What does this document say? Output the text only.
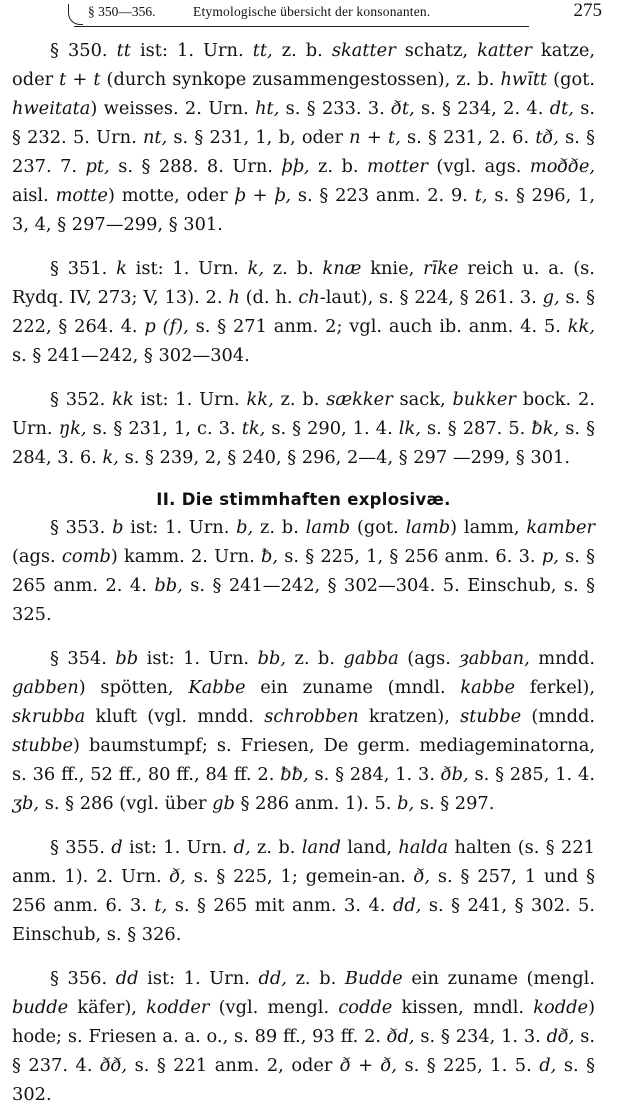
§ 350—356.	Etymologische übersicht der konsonanten.	275

§ 350. tt ist: 1. Urn. tt, z. b. skatter schatz, katter katze, oder t + t (durch synkope zusammengestossen), z. b. hwītt (got. hweitata) weisses. 2. Urn. ht, s. § 233. 3. ðt, s. § 234, 2. 4. dt, s. § 232. 5. Urn. nt, s. § 231, 1, b, oder n + t, s. § 231, 2. 6. tð, s. § 237. 7. pt, s. § 288. 8. Urn. þþ, z. b. motter (vgl. ags. moððe, aisl. motte) motte, oder þ + þ, s. § 223 anm. 2. 9. t, s. § 296, 1, 3, 4, § 297—299, § 301.

§ 351. k ist: 1. Urn. k, z. b. knæ knie, rīke reich u. a. (s. Rydq. IV, 273; V, 13). 2. h (d. h. ch-laut), s. § 224, § 261. 3. g, s. § 222, § 264. 4. p (f), s. § 271 anm. 2; vgl. auch ib. anm. 4. 5. kk, s. § 241—242, § 302—304.

§ 352. kk ist: 1. Urn. kk, z. b. sækker sack, bukker bock. 2. Urn. ŋk, s. § 231, 1, c. 3. tk, s. § 290, 1. 4. lk, s. § 287. 5. ƀk, s. § 284, 3. 6. k, s. § 239, 2, § 240, § 296, 2—4, § 297 —299, § 301.

II. Die stimmhaften explosivæ.

§ 353. b ist: 1. Urn. b, z. b. lamb (got. lamb) lamm, kamber (ags. comb) kamm. 2. Urn. ƀ, s. § 225, 1, § 256 anm. 6. 3. p, s. § 265 anm. 2. 4. bb, s. § 241—242, § 302—304. 5. Einschub, s. § 325.

§ 354. bb ist: 1. Urn. bb, z. b. gabba (ags. ȝabban, mndd. gabben) spötten, Kabbe ein zuname (mndl. kabbe ferkel), skrubba kluft (vgl. mndd. schrobben kratzen), stubbe (mndd. stubbe) baumstumpf; s. Friesen, De germ. mediageminatorna, s. 36 ff., 52 ff., 80 ff., 84 ff. 2. ƀƀ, s. § 284, 1. 3. ðb, s. § 285, 1. 4. ʒb, s. § 286 (vgl. über gb § 286 anm. 1). 5. b, s. § 297.

§ 355. d ist: 1. Urn. d, z. b. land land, halda halten (s. § 221 anm. 1). 2. Urn. ð, s. § 225, 1; gemein-an. ð, s. § 257, 1 und § 256 anm. 6. 3. t, s. § 265 mit anm. 3. 4. dd, s. § 241, § 302. 5. Einschub, s. § 326.

§ 356. dd ist: 1. Urn. dd, z. b. Budde ein zuname (mengl. budde käfer), kodder (vgl. mengl. codde kissen, mndl. kodde) hode; s. Friesen a. a. o., s. 89 ff., 93 ff. 2. ðd, s. § 234, 1. 3. dð, s. § 237. 4. ðð, s. § 221 anm. 2, oder ð + ð, s. § 225, 1. 5. d, s. § 302.
